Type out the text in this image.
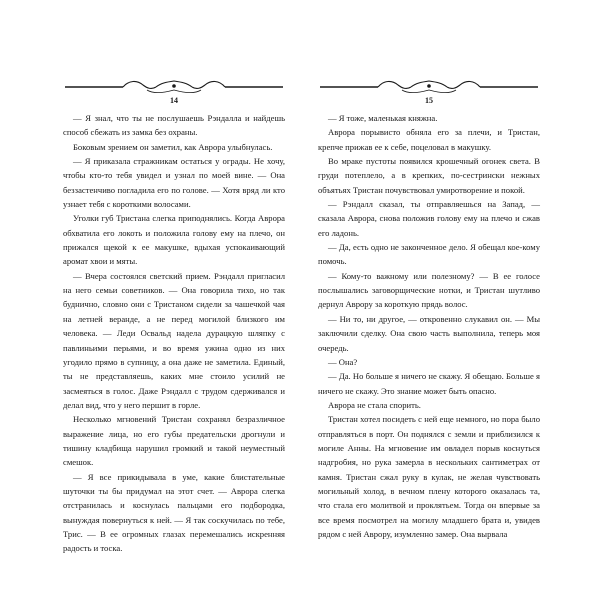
14

— Я знал, что ты не послушаешь Рэндалла и найдешь способ сбежать из замка без охраны.

Боковым зрением он заметил, как Аврора улыбнулась.

— Я приказала стражникам остаться у ограды. Не хочу, чтобы кто-то тебя увидел и узнал по моей вине. — Она беззастенчиво погладила его по голове. — Хотя вряд ли кто узнает тебя с короткими волосами.

Уголки губ Тристана слегка приподнялись. Когда Аврора обхватила его локоть и положила голову ему на плечо, он прижался щекой к ее макушке, вдыхая успокаивающий аромат хвои и мяты.

— Вчера состоялся светский прием. Рэндалл пригласил на него семьи советников. — Она говорила тихо, но так буднично, словно они с Тристаном сидели за чашечкой чая на летней веранде, а не перед могилой близкого им человека. — Леди Освальд надела дурацкую шляпку с павлиньими перьями, и во время ужина одно из них угодило прямо в супницу, а она даже не заметила. Единый, ты не представляешь, каких мне стоило усилий не засмеяться в голос. Даже Рэндалл с трудом сдерживался и делал вид, что у него першит в горле.

Несколько мгновений Тристан сохранял безразличное выражение лица, но его губы предательски дрогнули и тишину кладбища нарушил громкий и такой неуместный смешок.

— Я все прикидывала в уме, какие блистательные шуточки ты бы придумал на этот счет. — Аврора слегка отстранилась и коснулась пальцами его подбородка, вынуждая повернуться к ней. — Я так соскучилась по тебе, Трис. — В ее огромных глазах перемешались искренняя радость и тоска.

15

— Я тоже, маленькая княжна.

Аврора порывисто обняла его за плечи, и Тристан, крепче прижав ее к себе, поцеловал в макушку.

Во мраке пустоты появился крошечный огонек света. В груди потеплело, а в крепких, по-сестрински нежных объятьях Тристан почувствовал умиротворение и покой.

— Рэндалл сказал, ты отправляешься на Запад, — сказала Аврора, снова положив голову ему на плечо и сжав его ладонь.

— Да, есть одно не законченное дело. Я обещал кое-кому помочь.

— Кому-то важному или полезному? — В ее голосе послышались заговорщические нотки, и Тристан шутливо дернул Аврору за короткую прядь волос.

— Ни то, ни другое, — откровенно слукавил он. — Мы заключили сделку. Она свою часть выполнила, теперь моя очередь.

— Она?

— Да. Но больше я ничего не скажу. Я обещаю. Больше я ничего не скажу. Это знание может быть опасно.

Аврора не стала спорить.

Тристан хотел посидеть с ней еще немного, но пора было отправляться в порт. Он поднялся с земли и приблизился к могиле Анны. На мгновение им овладел порыв коснуться надгробия, но рука замерла в нескольких сантиметрах от камня. Тристан сжал руку в кулак, не желая чувствовать могильный холод, в вечном плену которого оказалась та, что стала его молитвой и проклятьем. Тогда он впервые за все время посмотрел на могилу младшего брата и, увидев рядом с ней Аврору, изумленно замер. Она вырвала
